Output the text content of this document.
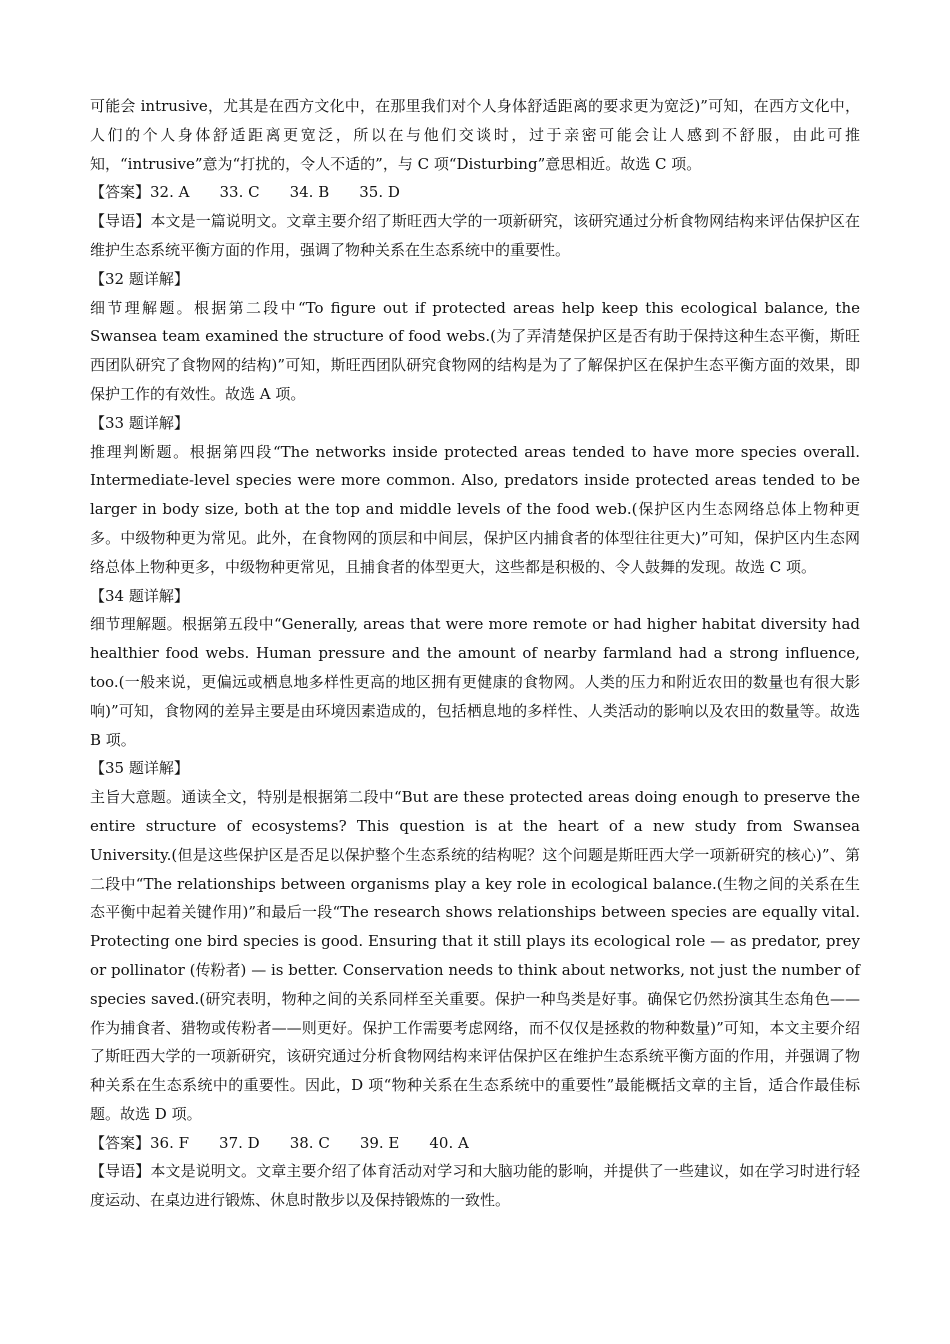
可能会 intrusive，尤其是在西方文化中，在那里我们对个人身体舒适距离的要求更为宽泛)”可知，在西方文化中，人们的个人身体舒适距离更宽泛，所以在与他们交谈时，过于亲密可能会让人感到不舒服，由此可推知，“intrusive”意为“打扰的，令人不适的”，与 C 项“Disturbing”意思相近。故选 C 项。

【答案】32. A 33. C 34. B 35. D

【导语】本文是一篇说明文。文章主要介绍了斯旺西大学的一项新研究，该研究通过分析食物网结构来评估保护区在维护生态系统平衡方面的作用，强调了物种关系在生态系统中的重要性。

【32 题详解】

细节理解题。根据第二段中“To figure out if protected areas help keep this ecological balance, the Swansea team examined the structure of food webs.(为了弄清楚保护区是否有助于保持这种生态平衡，斯旺西团队研究了食物网的结构)”可知，斯旺西团队研究食物网的结构是为了了解保护区在保护生态平衡方面的效果，即保护工作的有效性。故选 A 项。

【33 题详解】

推理判断题。根据第四段“The networks inside protected areas tended to have more species overall. Intermediate-level species were more common. Also, predators inside protected areas tended to be larger in body size, both at the top and middle levels of the food web.(保护区内生态网络总体上物种更多。中级物种更为常见。此外，在食物网的顶层和中间层，保护区内捕食者的体型往往更大)”可知，保护区内生态网络总体上物种更多，中级物种更常见，且捕食者的体型更大，这些都是积极的、令人鼓舞的发现。故选 C 项。

【34 题详解】

细节理解题。根据第五段中“Generally, areas that were more remote or had higher habitat diversity had healthier food webs. Human pressure and the amount of nearby farmland had a strong influence, too.(一般来说，更偏远或栖息地多样性更高的地区拥有更健康的食物网。人类的压力和附近农田的数量也有很大影响)”可知，食物网的差异主要是由环境因素造成的，包括栖息地的多样性、人类活动的影响以及农田的数量等。故选 B 项。

【35 题详解】

主旨大意题。通读全文，特别是根据第二段中“But are these protected areas doing enough to preserve the entire structure of ecosystems? This question is at the heart of a new study from Swansea University.(但是这些保护区是否足以保护整个生态系统的结构呢？这个问题是斯旺西大学一项新研究的核心)”、第二段中“The relationships between organisms play a key role in ecological balance.(生物之间的关系在生态平衡中起着关键作用)”和最后一段“The research shows relationships between species are equally vital. Protecting one bird species is good. Ensuring that it still plays its ecological role — as predator, prey or pollinator (传粉者) — is better. Conservation needs to think about networks, not just the number of species saved.(研究表明，物种之间的关系同样至关重要。保护一种鸟类是好事。确保它仍然扮演其生态角色——作为捕食者、猎物或传粉者——则更好。保护工作需要考虑网络，而不仅仅是拯救的物种数量)”可知，本文主要介绍了斯旺西大学的一项新研究，该研究通过分析食物网结构来评估保护区在维护生态系统平衡方面的作用，并强调了物种关系在生态系统中的重要性。因此，D 项“物种关系在生态系统中的重要性”最能概括文章的主旨，适合作最佳标题。故选 D 项。

【答案】36. F 37. D 38. C 39. E 40. A

【导语】本文是说明文。文章主要介绍了体育活动对学习和大脑功能的影响，并提供了一些建议，如在学习时进行轻度运动、在桌边进行锻炼、休息时散步以及保持锻炼的一致性。
